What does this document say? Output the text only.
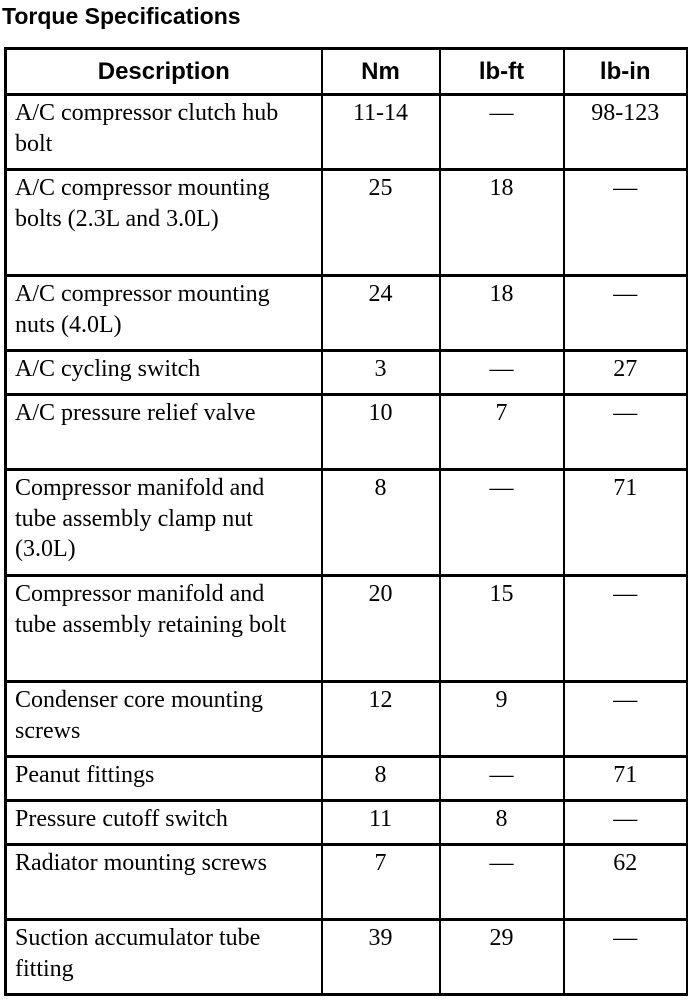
Torque Specifications
Description	Nm	lb-ft	lb-in
A/C compressor clutch hub bolt	11-14	—	98-123
A/C compressor mounting bolts (2.3L and 3.0L)	25	18	—
A/C compressor mounting nuts (4.0L)	24	18	—
A/C cycling switch	3	—	27
A/C pressure relief valve	10	7	—
Compressor manifold and tube assembly clamp nut (3.0L)	8	—	71
Compressor manifold and tube assembly retaining bolt	20	15	—
Condenser core mounting screws	12	9	—
Peanut fittings	8	—	71
Pressure cutoff switch	11	8	—
Radiator mounting screws	7	—	62
Suction accumulator tube fitting	39	29	—
